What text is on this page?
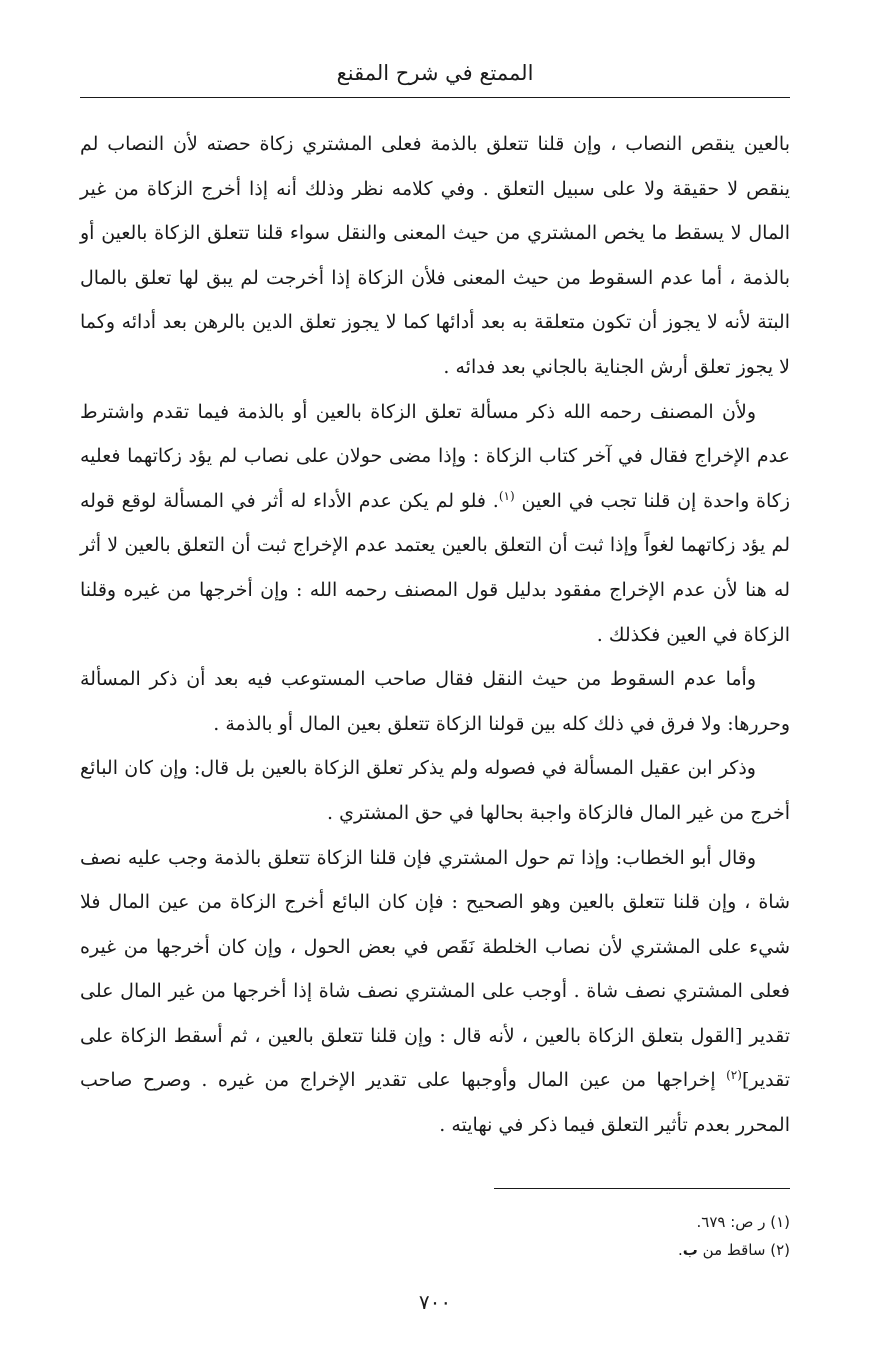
الممتع في شرح المقنع

بالعين ينقص النصاب ، وإن قلنا تتعلق بالذمة فعلى المشتري زكاة حصته لأن النصاب لم ينقص لا حقيقة ولا على سبيل التعلق . وفي كلامه نظر وذلك أنه إذا أخرج الزكاة من غير المال لا يسقط ما يخص المشتري من حيث المعنى والنقل سواء قلنا تتعلق الزكاة بالعين أو بالذمة ، أما عدم السقوط من حيث المعنى فلأن الزكاة إذا أخرجت لم يبق لها تعلق بالمال البتة لأنه لا يجوز أن تكون متعلقة به بعد أدائها كما لا يجوز تعلق الدين بالرهن بعد أدائه وكما لا يجوز تعلق أرش الجناية بالجاني بعد فدائه .

ولأن المصنف رحمه الله ذكر مسألة تعلق الزكاة بالعين أو بالذمة فيما تقدم واشترط عدم الإخراج فقال في آخر كتاب الزكاة : وإذا مضى حولان على نصاب لم يؤد زكاتهما فعليه زكاة واحدة إن قلنا تجب في العين $^{(١)}$. فلو لم يكن عدم الأداء له أثر في المسألة لوقع قوله لم يؤد زكاتهما لغواً وإذا ثبت أن التعلق بالعين يعتمد عدم الإخراج ثبت أن التعلق بالعين لا أثر له هنا لأن عدم الإخراج مفقود بدليل قول المصنف رحمه الله : وإن أخرجها من غيره وقلنا الزكاة في العين فكذلك .

وأما عدم السقوط من حيث النقل فقال صاحب المستوعب فيه بعد أن ذكر المسألة وحررها: ولا فرق في ذلك كله بين قولنا الزكاة تتعلق بعين المال أو بالذمة .

وذكر ابن عقيل المسألة في فصوله ولم يذكر تعلق الزكاة بالعين بل قال: وإن كان البائع أخرج من غير المال فالزكاة واجبة بحالها في حق المشتري .

وقال أبو الخطاب: وإذا تم حول المشتري فإن قلنا الزكاة تتعلق بالذمة وجب عليه نصف شاة ، وإن قلنا تتعلق بالعين وهو الصحيح : فإن كان البائع أخرج الزكاة من عين المال فلا شيء على المشتري لأن نصاب الخلطة نَقَص في بعض الحول ، وإن كان أخرجها من غيره فعلى المشتري نصف شاة . أوجب على المشتري نصف شاة إذا أخرجها من غير المال على تقدير [القول بتعلق الزكاة بالعين ، لأنه قال : وإن قلنا تتعلق بالعين ، ثم أسقط الزكاة على تقدير]$^{(٢)}$ إخراجها من عين المال وأوجبها على تقدير الإخراج من غيره . وصرح صاحب المحرر بعدم تأثير التعلق فيما ذكر في نهايته .

(١) ر ص: ٦٧٩.

(٢) ساقط من ب.

٧٠٠
